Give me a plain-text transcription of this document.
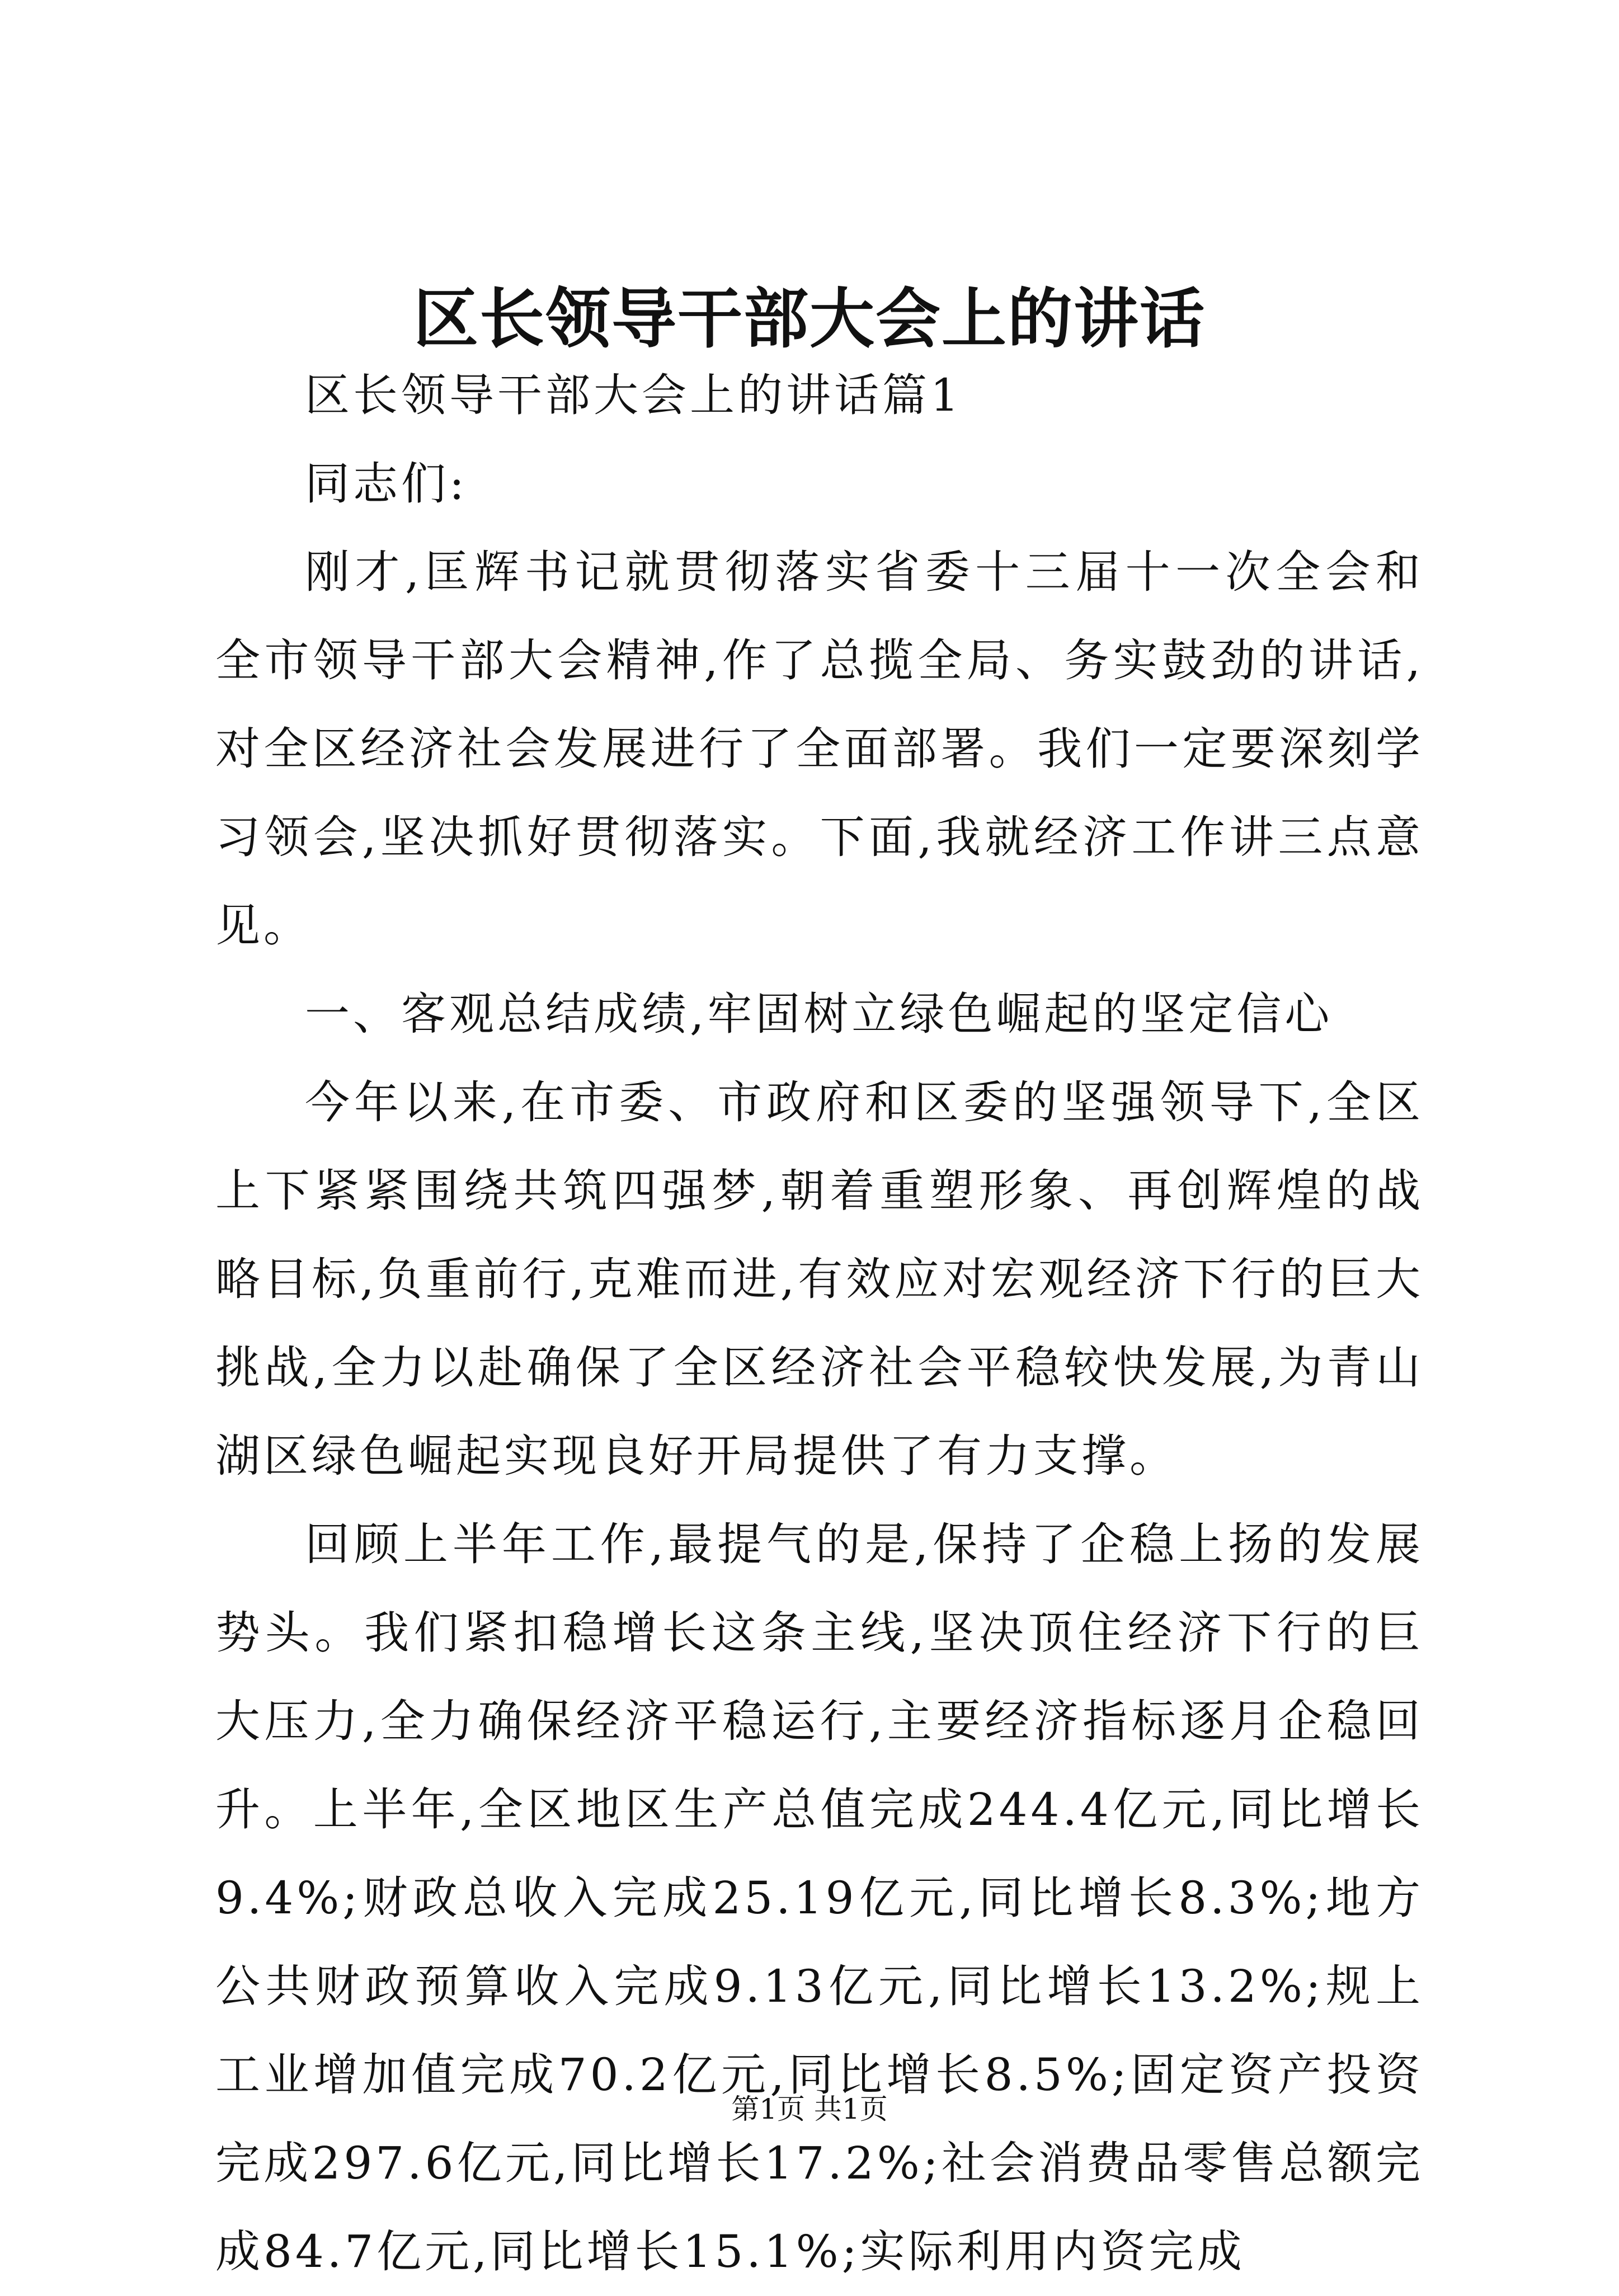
区长领导干部大会上的讲话

区长领导干部大会上的讲话篇1

同志们:

刚才,匡辉书记就贯彻落实省委十三届十一次全会和全市领导干部大会精神,作了总揽全局、务实鼓劲的讲话,对全区经济社会发展进行了全面部署。我们一定要深刻学习领会,坚决抓好贯彻落实。下面,我就经济工作讲三点意见。

一、客观总结成绩,牢固树立绿色崛起的坚定信心

今年以来,在市委、市政府和区委的坚强领导下,全区上下紧紧围绕共筑四强梦,朝着重塑形象、再创辉煌的战略目标,负重前行,克难而进,有效应对宏观经济下行的巨大挑战,全力以赴确保了全区经济社会平稳较快发展,为青山湖区绿色崛起实现良好开局提供了有力支撑。

回顾上半年工作,最提气的是,保持了企稳上扬的发展势头。我们紧扣稳增长这条主线,坚决顶住经济下行的巨大压力,全力确保经济平稳运行,主要经济指标逐月企稳回升。上半年,全区地区生产总值完成244.4亿元,同比增长9.4%;财政总收入完成25.19亿元,同比增长8.3%;地方公共财政预算收入完成9.13亿元,同比增长13.2%;规上工业增加值完成70.2亿元,同比增长8.5%;固定资产投资完成297.6亿元,同比增长17.2%;社会消费品零售总额完成84.7亿元,同比增长15.1%;实际利用内资完成

第1页 共1页
